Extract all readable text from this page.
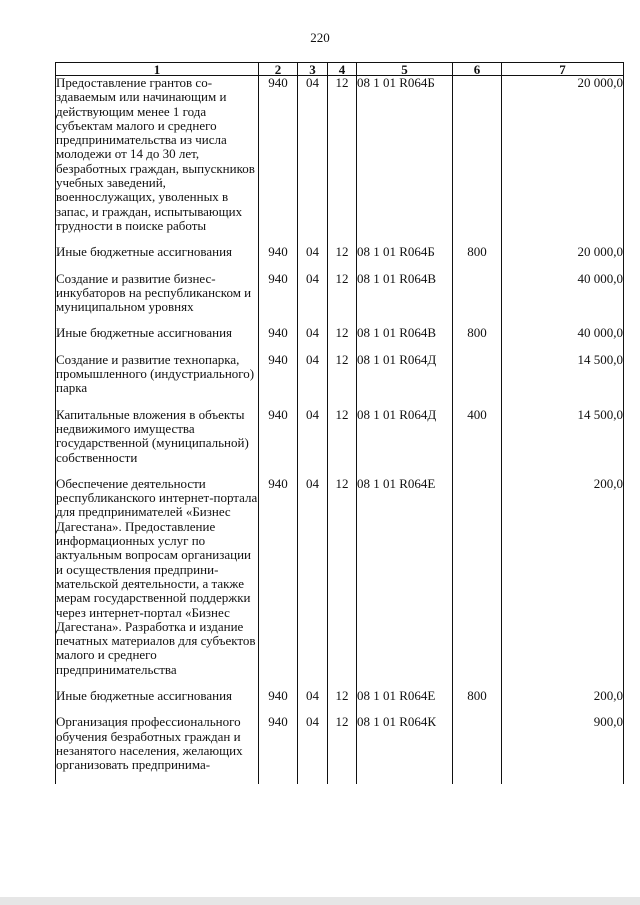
220
1	2	3	4	5	6	7
Предоставление грантов создаваемым или начинающим и действующим менее 1 года субъектам малого и среднего предпринимательства из числа молодежи от 14 до 30 лет, безработных граждан, выпускников учебных заведений, военнослужащих, уволенных в запас, и граждан, испытывающих трудности в поиске работы	940	04	12	08 1 01 R064Б		20 000,0
Иные бюджетные ассигнования	940	04	12	08 1 01 R064Б	800	20 000,0
Создание и развитие бизнес-инкубаторов на республиканском и муниципальном уровнях	940	04	12	08 1 01 R064В		40 000,0
Иные бюджетные ассигнования	940	04	12	08 1 01 R064В	800	40 000,0
Создание и развитие технопарка, промышленного (индустриального) парка	940	04	12	08 1 01 R064Д		14 500,0
Капитальные вложения в объекты недвижимого имущества государственной (муниципальной) собственности	940	04	12	08 1 01 R064Д	400	14 500,0
Обеспечение деятельности республиканского интернет-портала для предпринимателей «Бизнес Дагестана». Предоставление информационных услуг по актуальным вопросам организации и осуществления предпринимательской деятельности, а также мерам государственной поддержки через интернет-портал «Бизнес Дагестана». Разработка и издание печатных материалов для субъектов малого и среднего предпринимательства	940	04	12	08 1 01 R064Е		200,0
Иные бюджетные ассигнования	940	04	12	08 1 01 R064Е	800	200,0
Организация профессионального обучения безработных граждан и незанятого населения, желающих организовать предпринима-	940	04	12	08 1 01 R064К		900,0
